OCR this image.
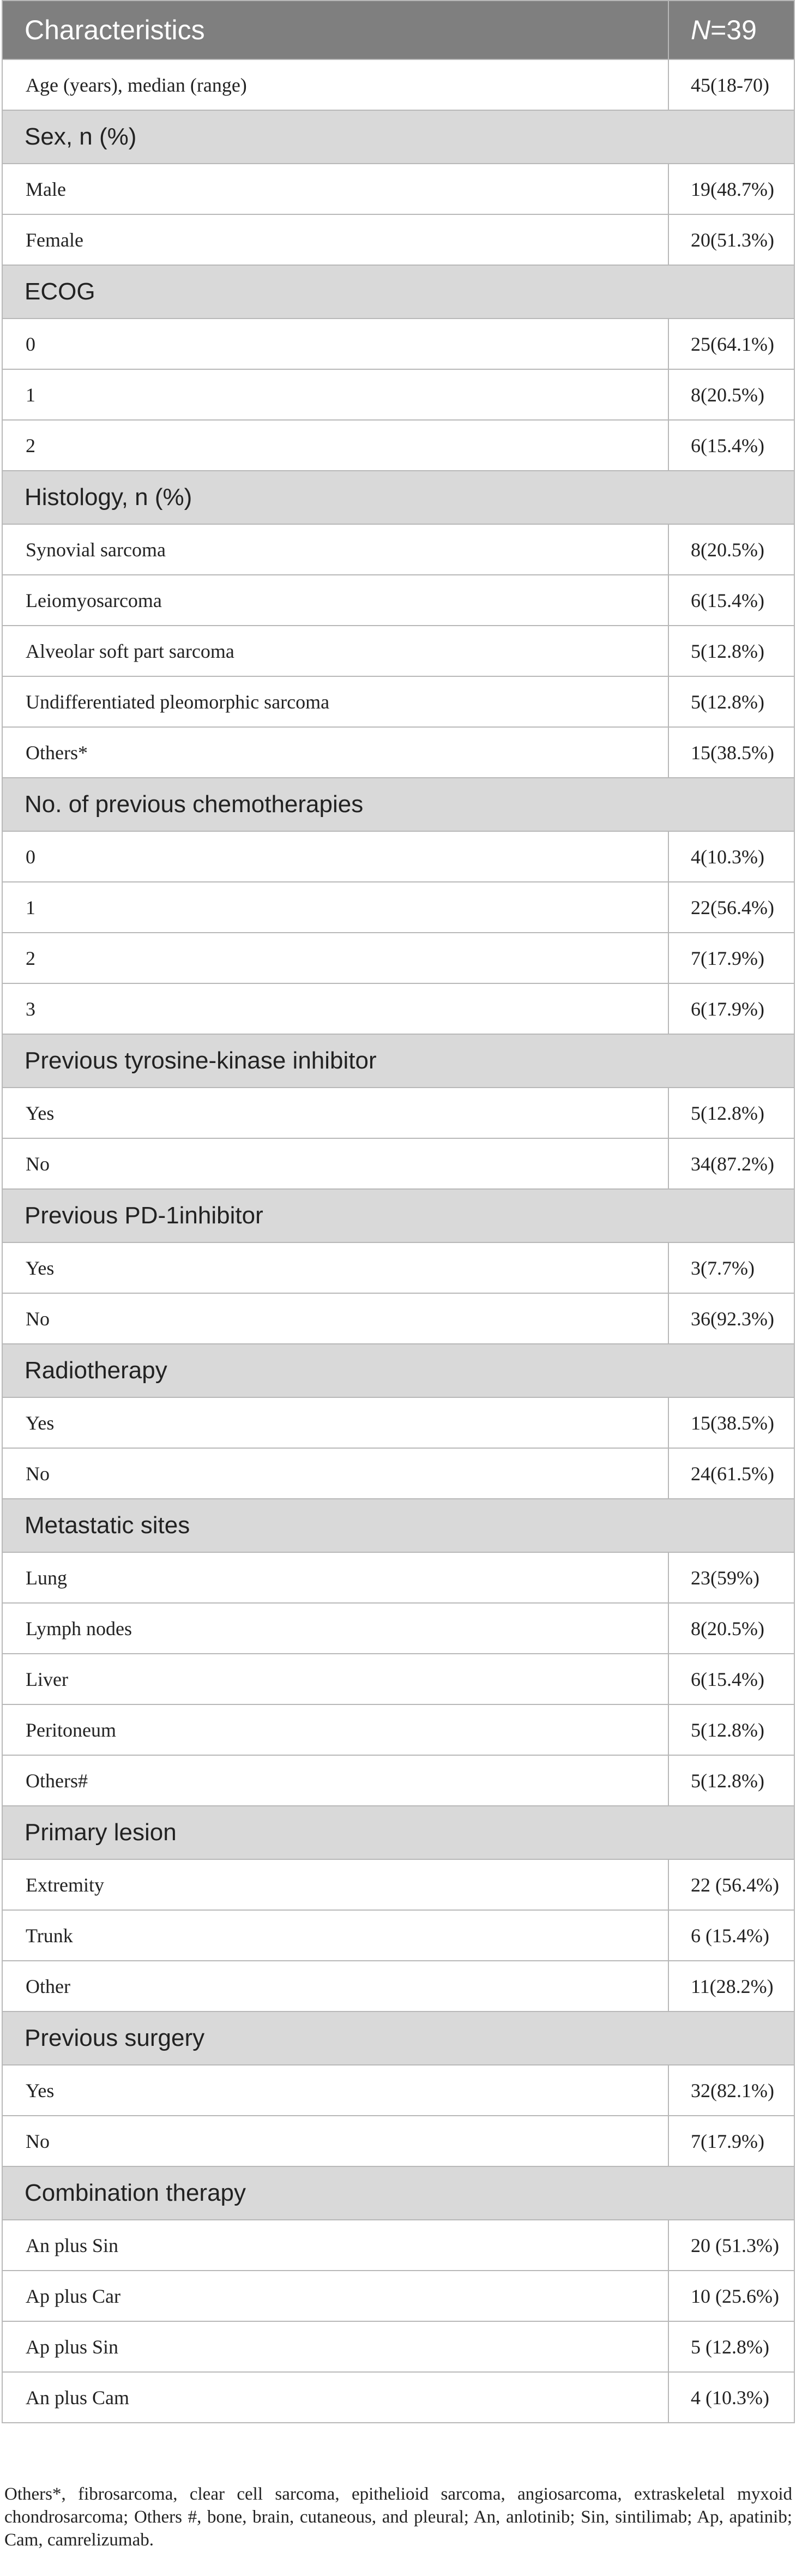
Characteristics	N=39
Age (years), median (range)	45(18-70)
Sex, n (%)	
Male	19(48.7%)
Female	20(51.3%)
ECOG	
0	25(64.1%)
1	8(20.5%)
2	6(15.4%)
Histology, n (%)	
Synovial sarcoma	8(20.5%)
Leiomyosarcoma	6(15.4%)
Alveolar soft part sarcoma	5(12.8%)
Undifferentiated pleomorphic sarcoma	5(12.8%)
Others*	15(38.5%)
No. of previous chemotherapies	
0	4(10.3%)
1	22(56.4%)
2	7(17.9%)
3	6(17.9%)
Previous tyrosine-kinase inhibitor	
Yes	5(12.8%)
No	34(87.2%)
Previous PD-1inhibitor	
Yes	3(7.7%)
No	36(92.3%)
Radiotherapy	
Yes	15(38.5%)
No	24(61.5%)
Metastatic sites	
Lung	23(59%)
Lymph nodes	8(20.5%)
Liver	6(15.4%)
Peritoneum	5(12.8%)
Others#	5(12.8%)
Primary lesion	
Extremity	22 (56.4%)
Trunk	6 (15.4%)
Other	11(28.2%)
Previous surgery	
Yes	32(82.1%)
No	7(17.9%)
Combination therapy	
An plus Sin	20 (51.3%)
Ap plus Car	10 (25.6%)
Ap plus Sin	5 (12.8%)
An plus Cam	4 (10.3%)
Others*, fibrosarcoma, clear cell sarcoma, epithelioid sarcoma, angiosarcoma, extraskeletal myxoid chondrosarcoma; Others #, bone, brain, cutaneous, and pleural; An, anlotinib; Sin, sintilimab; Ap, apatinib; Cam, camrelizumab.
